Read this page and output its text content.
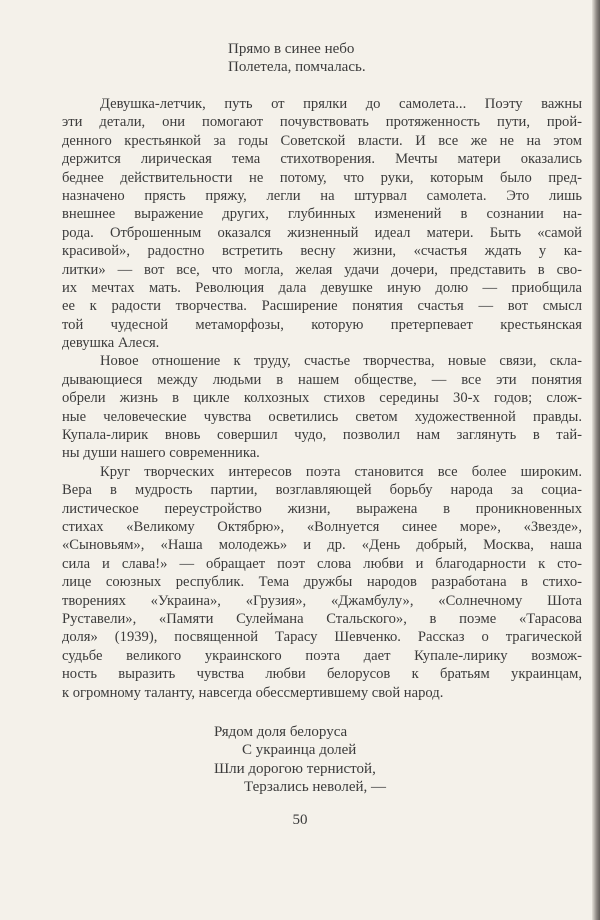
Прямо в синее небо
Полетела, помчалась.
Девушка-летчик, путь от прялки до самолета... Поэту важны
эти детали, они помогают почувствовать протяженность пути, прой-
денного крестьянкой за годы Советской власти. И все же не на этом
держится лирическая тема стихотворения. Мечты матери оказались
беднее действительности не потому, что руки, которым было пред-
назначено прясть пряжу, легли на штурвал самолета. Это лишь
внешнее выражение других, глубинных изменений в сознании на-
рода. Отброшенным оказался жизненный идеал матери. Быть «самой
красивой», радостно встретить весну жизни, «счастья ждать у ка-
литки» — вот все, что могла, желая удачи дочери, представить в сво-
их мечтах мать. Революция дала девушке иную долю — приобщила
ее к радости творчества. Расширение понятия счастья — вот смысл
той чудесной метаморфозы, которую претерпевает крестьянская
девушка Алеся.
Новое отношение к труду, счастье творчества, новые связи, скла-
дывающиеся между людьми в нашем обществе, — все эти понятия
обрели жизнь в цикле колхозных стихов середины 30-х годов; слож-
ные человеческие чувства осветились светом художественной правды.
Купала-лирик вновь совершил чудо, позволил нам заглянуть в тай-
ны души нашего современника.
Круг творческих интересов поэта становится все более широким.
Вера в мудрость партии, возглавляющей борьбу народа за социа-
листическое переустройство жизни, выражена в проникновенных
стихах «Великому Октябрю», «Волнуется синее море», «Звезде»,
«Сыновьям», «Наша молодежь» и др. «День добрый, Москва, наша
сила и слава!» — обращает поэт слова любви и благодарности к сто-
лице союзных республик. Тема дружбы народов разработана в стихо-
творениях «Украина», «Грузия», «Джамбулу», «Солнечному Шота
Руставели», «Памяти Сулеймана Стальского», в поэме «Тарасова
доля» (1939), посвященной Тарасу Шевченко. Рассказ о трагической
судьбе великого украинского поэта дает Купале-лирику возмож-
ность выразить чувства любви белорусов к братьям украинцам,
к огромному таланту, навсегда обессмертившему свой народ.
Рядом доля белоруса
С украинца долей
Шли дорогою тернистой,
Терзались неволей, —
50
